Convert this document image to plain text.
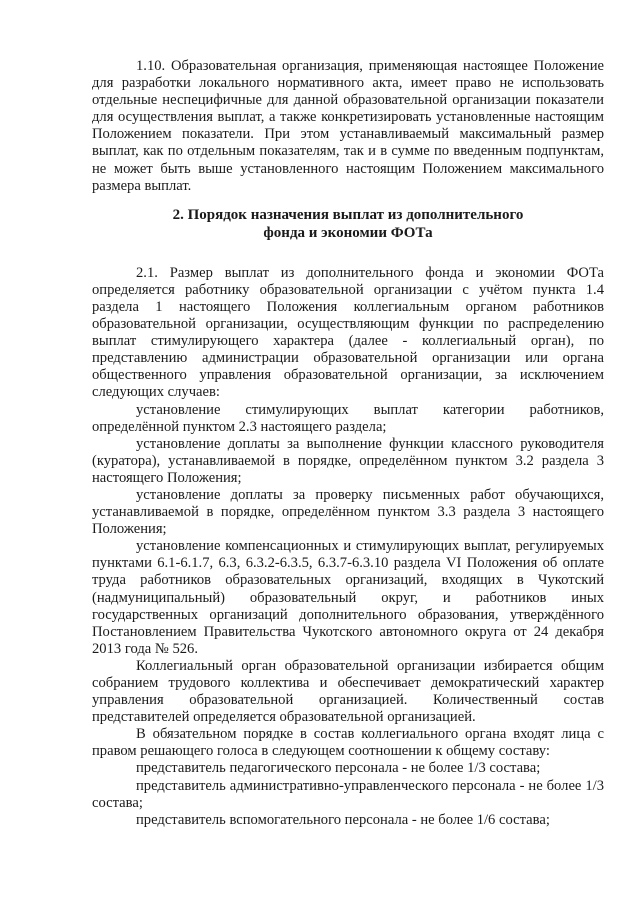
1.10. Образовательная организация, применяющая настоящее Положение для разработки локального нормативного акта, имеет право не использовать отдельные неспецифичные для данной образовательной организации показатели для осуществления выплат, а также конкретизировать установленные настоящим Положением показатели. При этом устанавливаемый максимальный размер выплат, как по отдельным показателям, так и в сумме по введенным подпунктам, не может быть выше установленного настоящим Положением максимального размера выплат.

2. Порядок назначения выплат из дополнительного
фонда и экономии ФОТа

2.1. Размер выплат из дополнительного фонда и экономии ФОТа определяется работнику образовательной организации с учётом пункта 1.4 раздела 1 настоящего Положения коллегиальным органом работников образовательной организации, осуществляющим функции по распределению выплат стимулирующего характера (далее - коллегиальный орган), по представлению администрации образовательной организации или органа общественного управления образовательной организации, за исключением следующих случаев:

установление стимулирующих выплат категории работников, определённой пунктом 2.3 настоящего раздела;

установление доплаты за выполнение функции классного руководителя (куратора), устанавливаемой в порядке, определённом пунктом 3.2 раздела 3 настоящего Положения;

установление доплаты за проверку письменных работ обучающихся, устанавливаемой в порядке, определённом пунктом 3.3 раздела 3 настоящего Положения;

установление компенсационных и стимулирующих выплат, регулируемых пунктами 6.1-6.1.7, 6.3, 6.3.2-6.3.5, 6.3.7-6.3.10 раздела VI Положения об оплате труда работников образовательных организаций, входящих в Чукотский (надмуниципальный) образовательный округ, и работников иных государственных организаций дополнительного образования, утверждённого Постановлением Правительства Чукотского автономного округа от 24 декабря 2013 года № 526.

Коллегиальный орган образовательной организации избирается общим собранием трудового коллектива и обеспечивает демократический характер управления образовательной организацией. Количественный состав представителей определяется образовательной организацией.

В обязательном порядке в состав коллегиального органа входят лица с правом решающего голоса в следующем соотношении к общему составу:

представитель педагогического персонала - не более 1/3 состава;

представитель административно-управленческого персонала - не более 1/3 состава;

представитель вспомогательного персонала - не более 1/6 состава;
